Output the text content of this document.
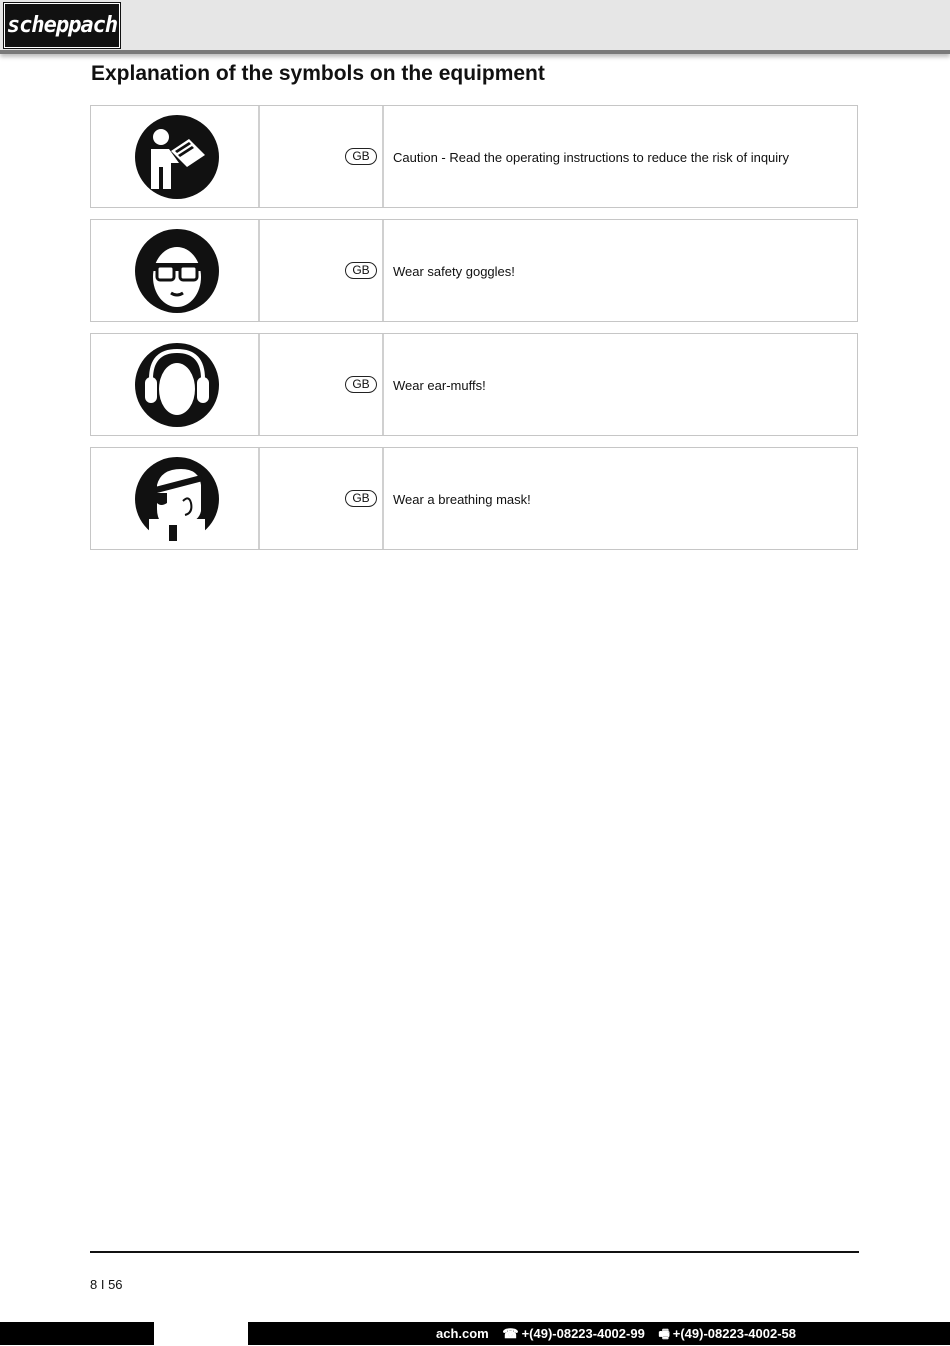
scheppach
Explanation of the symbols on the equipment
GB	Caution - Read the operating instructions to reduce the risk of inquiry
GB	Wear safety goggles!
GB	Wear ear-muffs!
GB	Wear a breathing mask!
8 I 56
ach.com ☎ +(49)-08223-4002-99 🖷 +(49)-08223-4002-58
